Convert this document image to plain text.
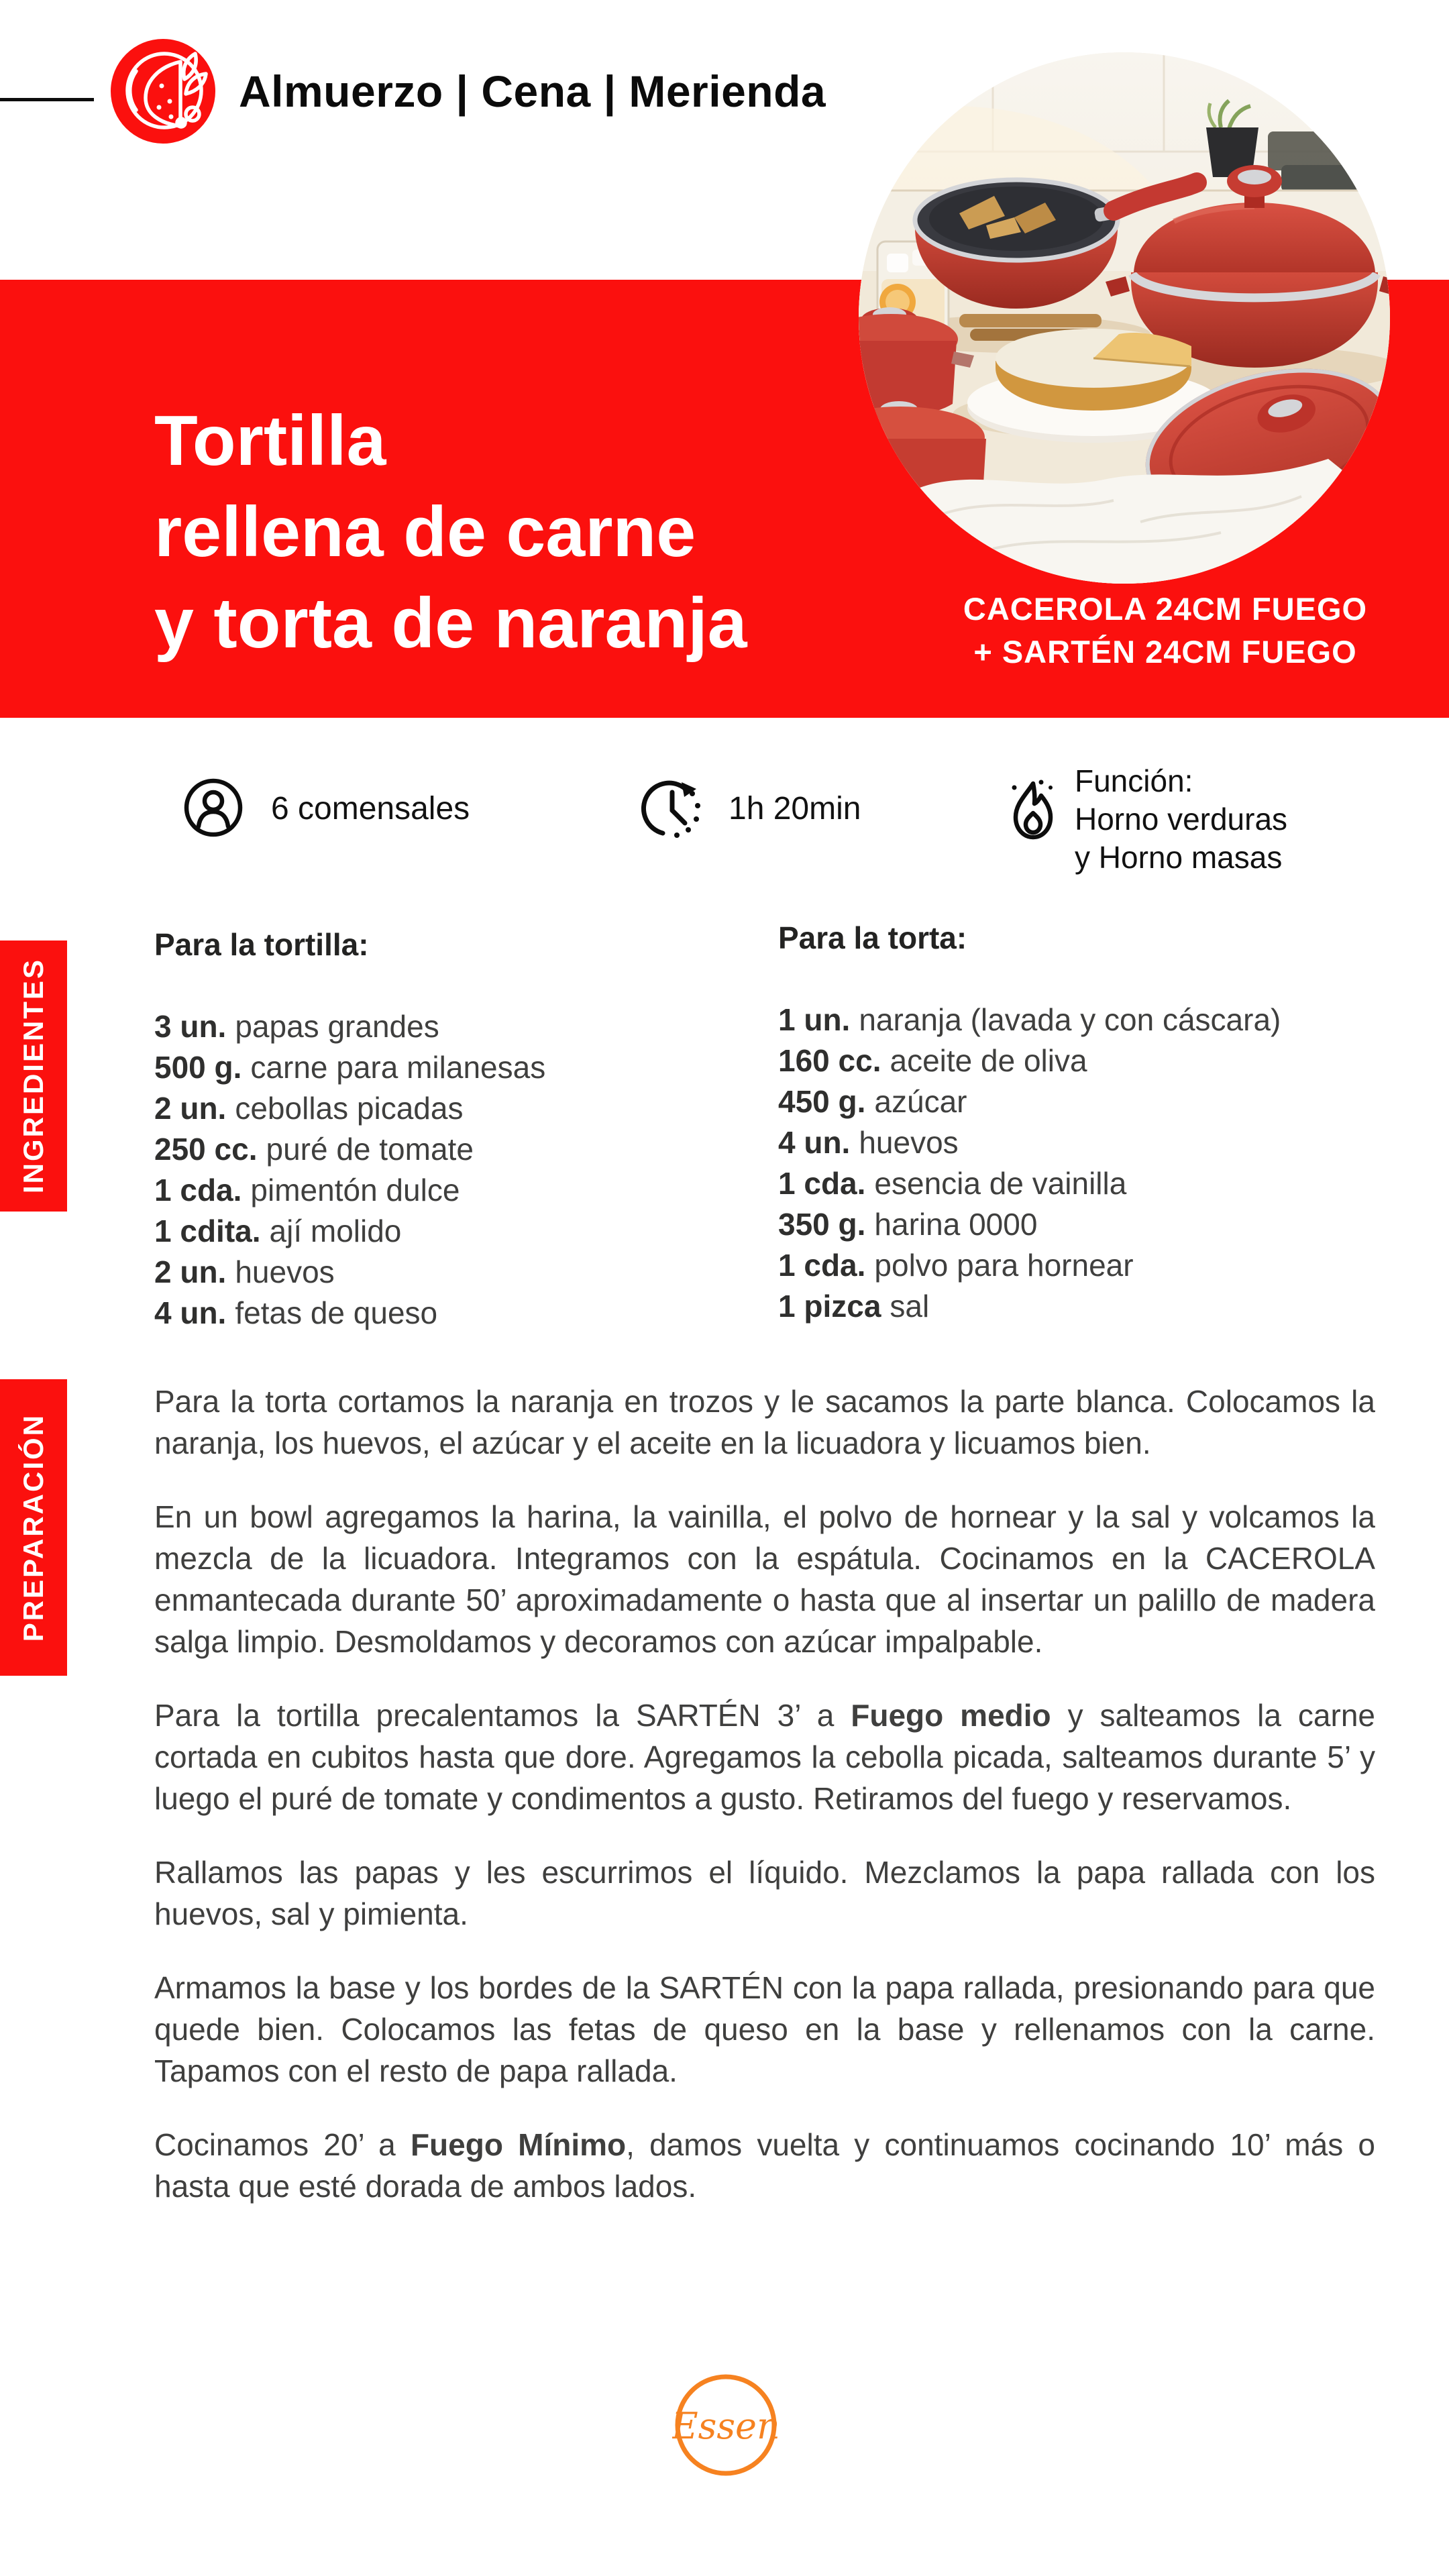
Almuerzo | Cena | Merienda
Tortilla
rellena de carne
y torta de naranja	CACEROLA 24CM FUEGO
+ SARTÉN 24CM FUEGO
6 comensales	1h 20min
Función:
Horno verduras
y Horno masas
INGREDIENTES
Para la tortilla:
3 un. papas grandes
500 g. carne para milanesas
2 un. cebollas picadas
250 cc. puré de tomate
1 cda. pimentón dulce
1 cdita. ají molido
2 un. huevos
4 un. fetas de queso
Para la torta:
1 un. naranja (lavada y con cáscara)
160 cc. aceite de oliva
450 g. azúcar
4 un. huevos
1 cda. esencia de vainilla
350 g. harina 0000
1 cda. polvo para hornear
1 pizca sal
PREPARACIÓN

Para la torta cortamos la naranja en trozos y le sacamos la parte blanca. Colocamos la naranja, los huevos, el azúcar y el aceite en la licuadora y licuamos bien.

En un bowl agregamos la harina, la vainilla, el polvo de hornear y la sal y volcamos la mezcla de la licuadora. Integramos con la espátula. Cocinamos en la CACEROLA enmantecada durante 50’ aproximadamente o hasta que al insertar un palillo de madera salga limpio. Desmoldamos y decoramos con azúcar impalpable.

Para la tortilla precalentamos la SARTÉN 3’ a Fuego medio y salteamos la carne cortada en cubitos hasta que dore. Agregamos la cebolla picada, salteamos durante 5’ y luego el puré de tomate y condimentos a gusto. Retiramos del fuego y reservamos.

Rallamos las papas y les escurrimos el líquido. Mezclamos la papa rallada con los huevos, sal y pimienta.

Armamos la base y los bordes de la SARTÉN con la papa rallada, presionando para que quede bien. Colocamos las fetas de queso en la base y rellenamos con la carne. Tapamos con el resto de papa rallada.

Cocinamos 20’ a Fuego Mínimo, damos vuelta y continuamos cocinando 10’ más o hasta que esté dorada de ambos lados.

Essen
